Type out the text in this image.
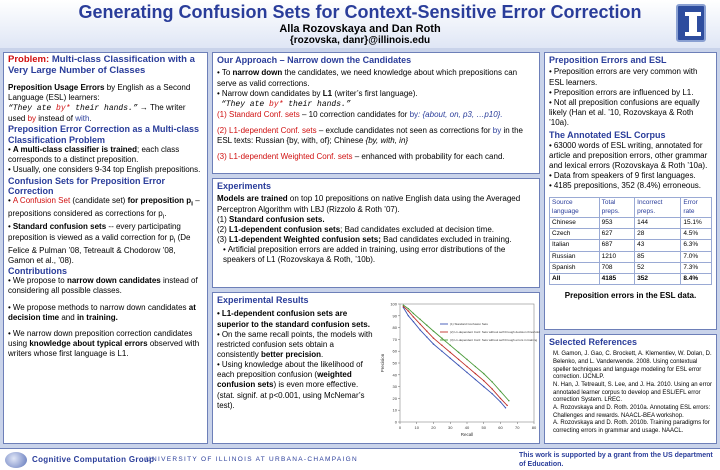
Generating Confusion Sets for Context-Sensitive Error Correction
Alla Rozovskaya and Dan Roth
{rozovska, danr}@illinois.edu

Problem: Multi-class Classification with a Very Large Number of Classes

Preposition Usage Errors by English as a Second Language (ESL) learners:

“They ate by* their hands.” → The writer used by instead of with.

Preposition Error Correction as a Multi-class Classification Problem

• A multi-class classifier is trained; each class corresponds to a distinct preposition.

• Usually, one considers 9-34 top English prepositions.

Confusion Sets for Preposition Error Correction

• A Confusion Set (candidate set) for preposition $p_i$ – prepositions considered as corrections for $p_i$.

• Standard confusion sets -- every participating preposition is viewed as a valid correction for $p_i$ (De Felice & Pulman ’08, Tetreault & Chodorow ’08, Gamon et al., ’08).

Contributions

• We propose to narrow down candidates instead of considering all possible classes.

• We propose methods to narrow down candidates at decision time and in training.

• We narrow down preposition correction candidates using knowledge about typical errors observed with writers whose first language is L1.

Our Approach – Narrow down the Candidates

• To narrow down the candidates, we need knowledge about which prepositions can serve as valid corrections.

• Narrow down candidates by L1 (writer’s first language).

“They ate by* their hands.”

(1) Standard Conf. sets – 10 correction candidates for by: {about, on, p3, …p10}.

(2) L1-dependent Conf. sets – exclude candidates not seen as corrections for by in the ESL texts: Russian {by, with, of}; Chinese {by, with, in}

(3) L1-dependent Weighted Conf. sets – enhanced with probability for each cand.

Experiments

Models are trained on top 10 prepositions on native English data using the Averaged Perceptron Algorithm with LBJ (Rizzolo & Roth ’07).

(1) Standard confusion sets.

(2) L1-dependent confusion sets; Bad candidates excluded at decision time.

(3) L1-dependent Weighted confusion sets; Bad candidates excluded in training.

• Artificial preposition errors are added in training, using error distributions of the speakers of L1 (Rozovskaya & Roth, ’10b).

Experimental Results

• L1-dependent confusion sets are superior to the standard confusion sets.

• On the same recall points, the models with restricted confusion sets obtain a consistently better precision.

• Using knowledge about the likelihood of each preposition confusion (weighted confusion sets) is even more effective. (stat. signif. at p<0.001, using McNemar’s test).

0
10
20
30
40
50
60
70
80
90
100
0	10	20	30	40	50	60	70	80
Recall
Precision
(1) Standard Confusion Sets
(2) L1-dependent Conf. Sets without self through decision threshold
(3) L1-dependent Conf. Sets without self through errors in training

Preposition Errors and ESL

• Preposition errors are very common with ESL learners.

• Preposition errors are influenced by L1.

• Not all preposition confusions are equally likely (Han et al. ’10, Rozovskaya & Roth ’10a).

The Annotated ESL Corpus

• 63000 words of ESL writing, annotated for article and preposition errors, other grammar and lexical errors (Rozovskaya & Roth ’10a).

• Data from speakers of 9 first languages.

• 4185 prepositions, 352 (8.4%) erroneous.

Source language	Total preps.	Incorrect preps.	Error rate
Chinese	953	144	15.1%
Czech	627	28	4.5%
Italian	687	43	6.3%
Russian	1210	85	7.0%
Spanish	708	52	7.3%
All	4185	352	8.4%

Preposition errors in the ESL data.

Selected References

M. Gamon, J. Gao, C. Brockett, A. Klementiev, W. Dolan, D. Belenko, and L. Vanderwende. 2008. Using contextual speller techniques and language modeling for ESL error correction. IJCNLP.

N. Han, J. Tetreault, S. Lee, and J. Ha. 2010. Using an error annotated learner corpus to develop and ESL/EFL error correction System. LREC.

A. Rozovskaya and D. Roth. 2010a. Annotating ESL errors: Challenges and rewards. NAACL-BEA workshop.

A. Rozovskaya and D. Roth. 2010b. Training paradigms for correcting errors in grammar and usage. NAACL.

Cognitive Computation Group
UNIVERSITY OF ILLINOIS AT URBANA-CHAMPAIGN
This work is supported by a grant from the US department of Education.
